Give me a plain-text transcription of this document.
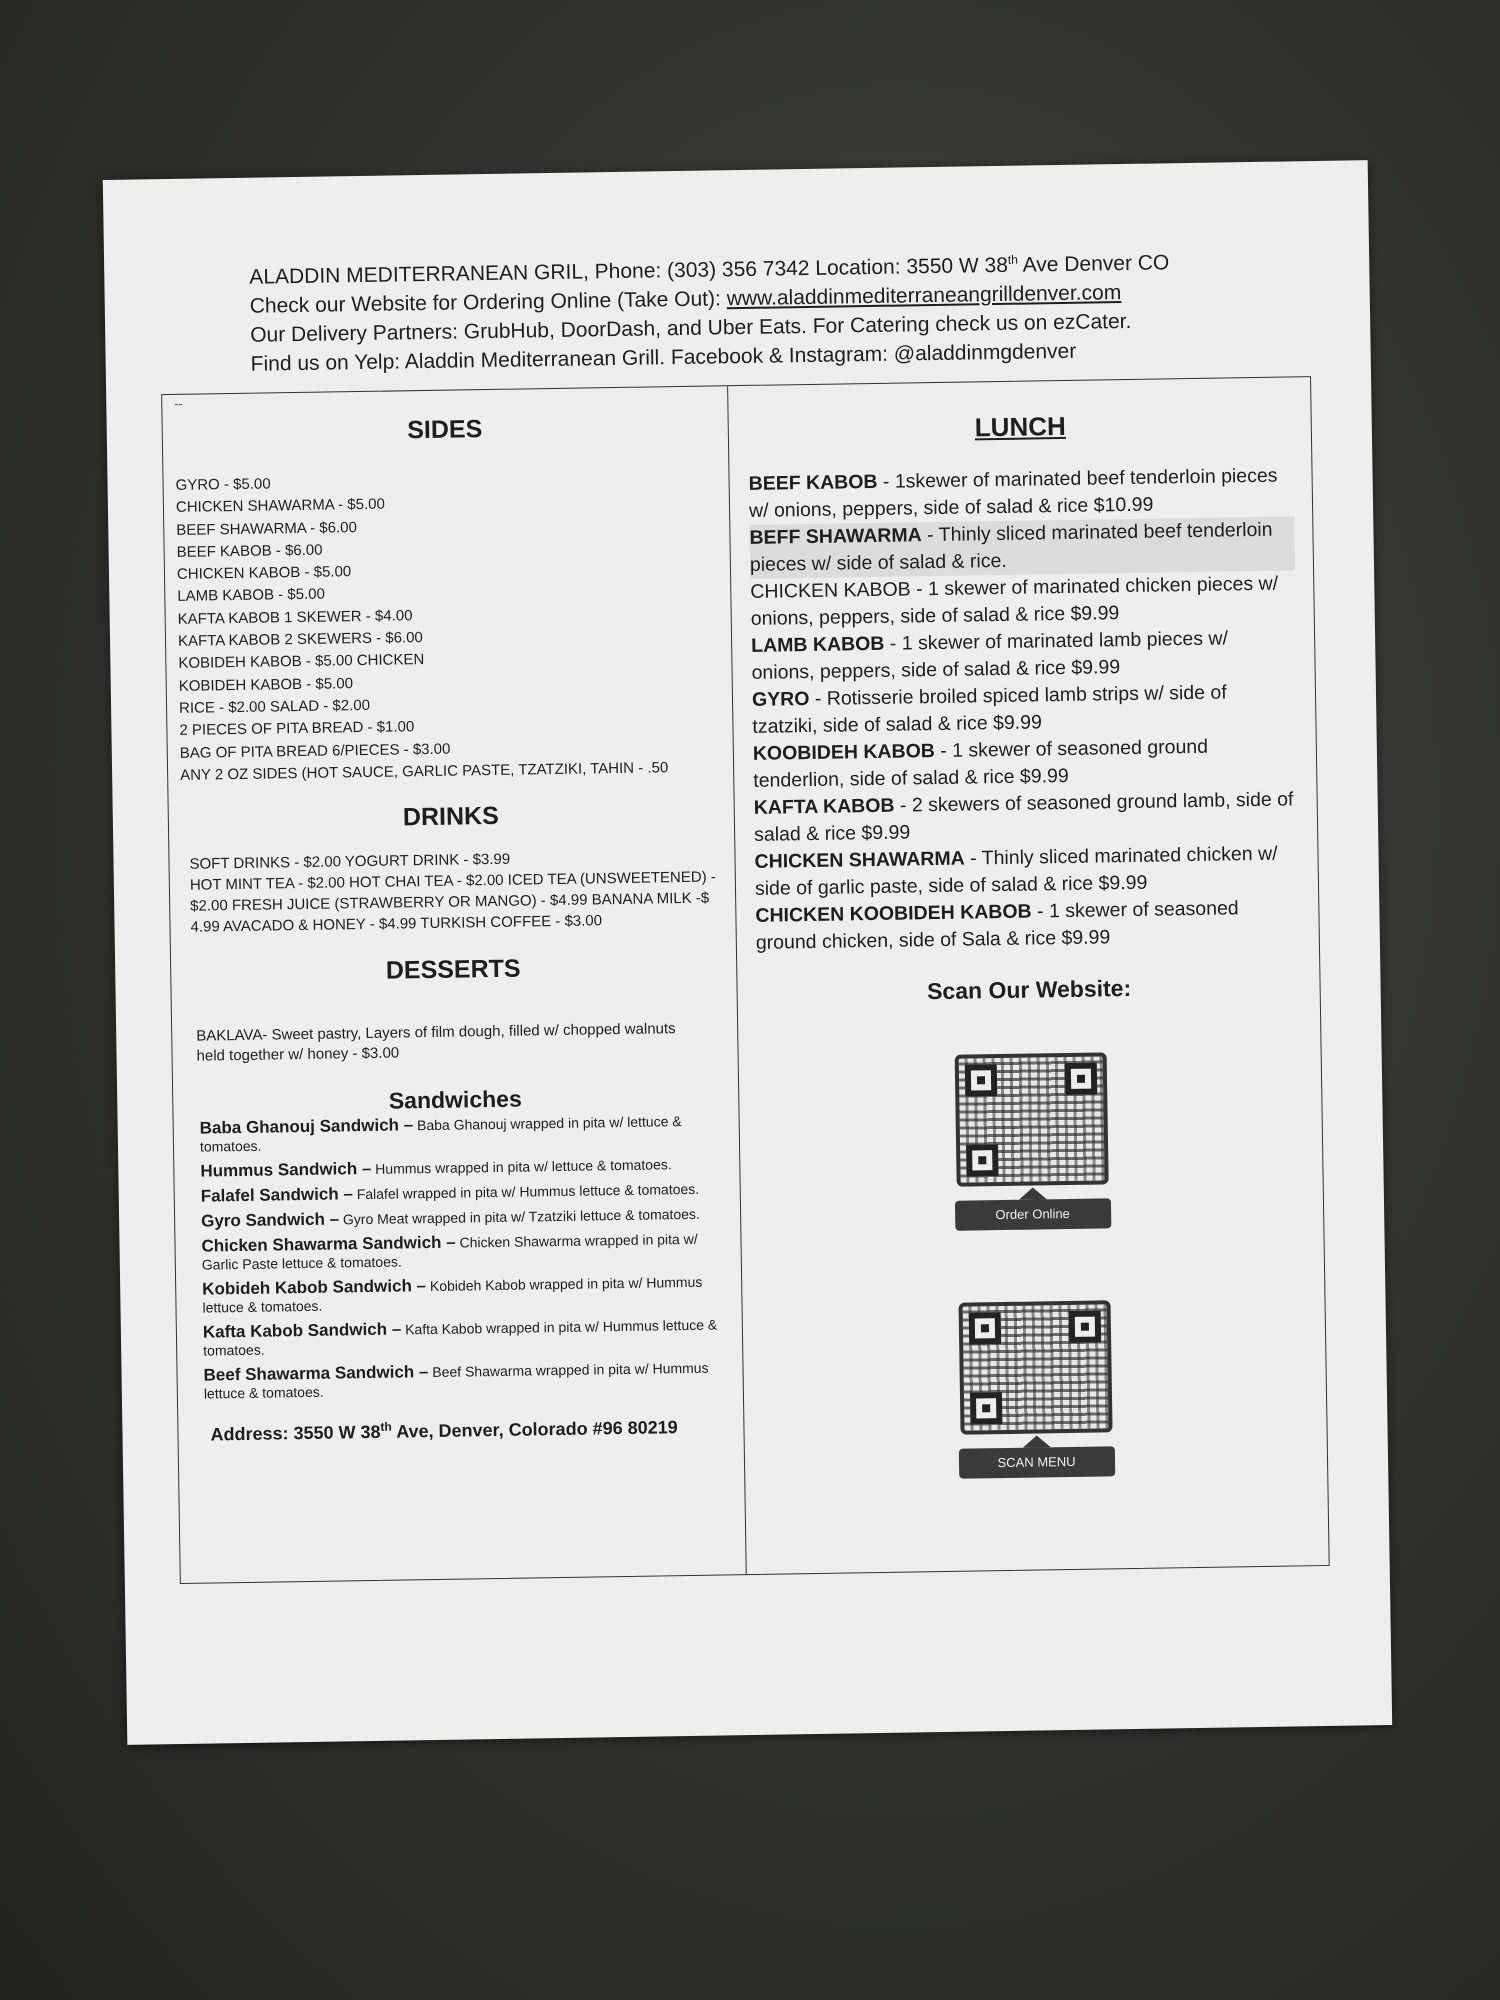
ALADDIN MEDITERRANEAN GRIL, Phone: (303) 356 7342 Location: 3550 W 38th Ave Denver CO
Check our Website for Ordering Online (Take Out): www.aladdinmediterraneangrilldenver.com
Our Delivery Partners: GrubHub, DoorDash, and Uber Eats. For Catering check us on ezCater.
Find us on Yelp: Aladdin Mediterranean Grill. Facebook & Instagram: @aladdinmgdenver
--
SIDES
GYRO - $5.00
CHICKEN SHAWARMA - $5.00
BEEF SHAWARMA - $6.00
BEEF KABOB - $6.00
CHICKEN KABOB - $5.00
LAMB KABOB - $5.00
KAFTA KABOB 1 SKEWER - $4.00
KAFTA KABOB 2 SKEWERS - $6.00
KOBIDEH KABOB - $5.00 CHICKEN
KOBIDEH KABOB - $5.00
RICE - $2.00 SALAD - $2.00
2 PIECES OF PITA BREAD - $1.00
BAG OF PITA BREAD 6/PIECES - $3.00
ANY 2 OZ SIDES (HOT SAUCE, GARLIC PASTE, TZATZIKI, TAHIN - .50
DRINKS
SOFT DRINKS - $2.00 YOGURT DRINK - $3.99
HOT MINT TEA - $2.00 HOT CHAI TEA - $2.00 ICED TEA (UNSWEETENED) -
$2.00 FRESH JUICE (STRAWBERRY OR MANGO) - $4.99 BANANA MILK -$
4.99 AVACADO & HONEY - $4.99 TURKISH COFFEE - $3.00
DESSERTS
BAKLAVA- Sweet pastry, Layers of film dough, filled w/ chopped walnuts
held together w/ honey - $3.00
Sandwiches
Baba Ghanouj Sandwich – Baba Ghanouj wrapped in pita w/ lettuce & tomatoes.
Hummus Sandwich – Hummus wrapped in pita w/ lettuce & tomatoes.
Falafel Sandwich – Falafel wrapped in pita w/ Hummus lettuce & tomatoes.
Gyro Sandwich – Gyro Meat wrapped in pita w/ Tzatziki lettuce & tomatoes.
Chicken Shawarma Sandwich – Chicken Shawarma wrapped in pita w/ Garlic Paste lettuce & tomatoes.
Kobideh Kabob Sandwich – Kobideh Kabob wrapped in pita w/ Hummus lettuce & tomatoes.
Kafta Kabob Sandwich – Kafta Kabob wrapped in pita w/ Hummus lettuce & tomatoes.
Beef Shawarma Sandwich – Beef Shawarma wrapped in pita w/ Hummus lettuce & tomatoes.
Address: 3550 W 38th Ave, Denver, Colorado #96 80219
LUNCH
BEEF KABOB - 1skewer of marinated beef tenderloin pieces w/ onions, peppers, side of salad & rice $10.99
BEFF SHAWARMA - Thinly sliced marinated beef tenderloin pieces w/ side of salad & rice.
CHICKEN KABOB - 1 skewer of marinated chicken pieces w/ onions, peppers, side of salad & rice $9.99
LAMB KABOB - 1 skewer of marinated lamb pieces w/ onions, peppers, side of salad & rice $9.99
GYRO - Rotisserie broiled spiced lamb strips w/ side of tzatziki, side of salad & rice $9.99
KOOBIDEH KABOB - 1 skewer of seasoned ground tenderlion, side of salad & rice $9.99
KAFTA KABOB - 2 skewers of seasoned ground lamb, side of salad & rice $9.99
CHICKEN SHAWARMA - Thinly sliced marinated chicken w/ side of garlic paste, side of salad & rice $9.99
CHICKEN KOOBIDEH KABOB - 1 skewer of seasoned ground chicken, side of Sala & rice $9.99
Scan Our Website:
Order Online
SCAN MENU
